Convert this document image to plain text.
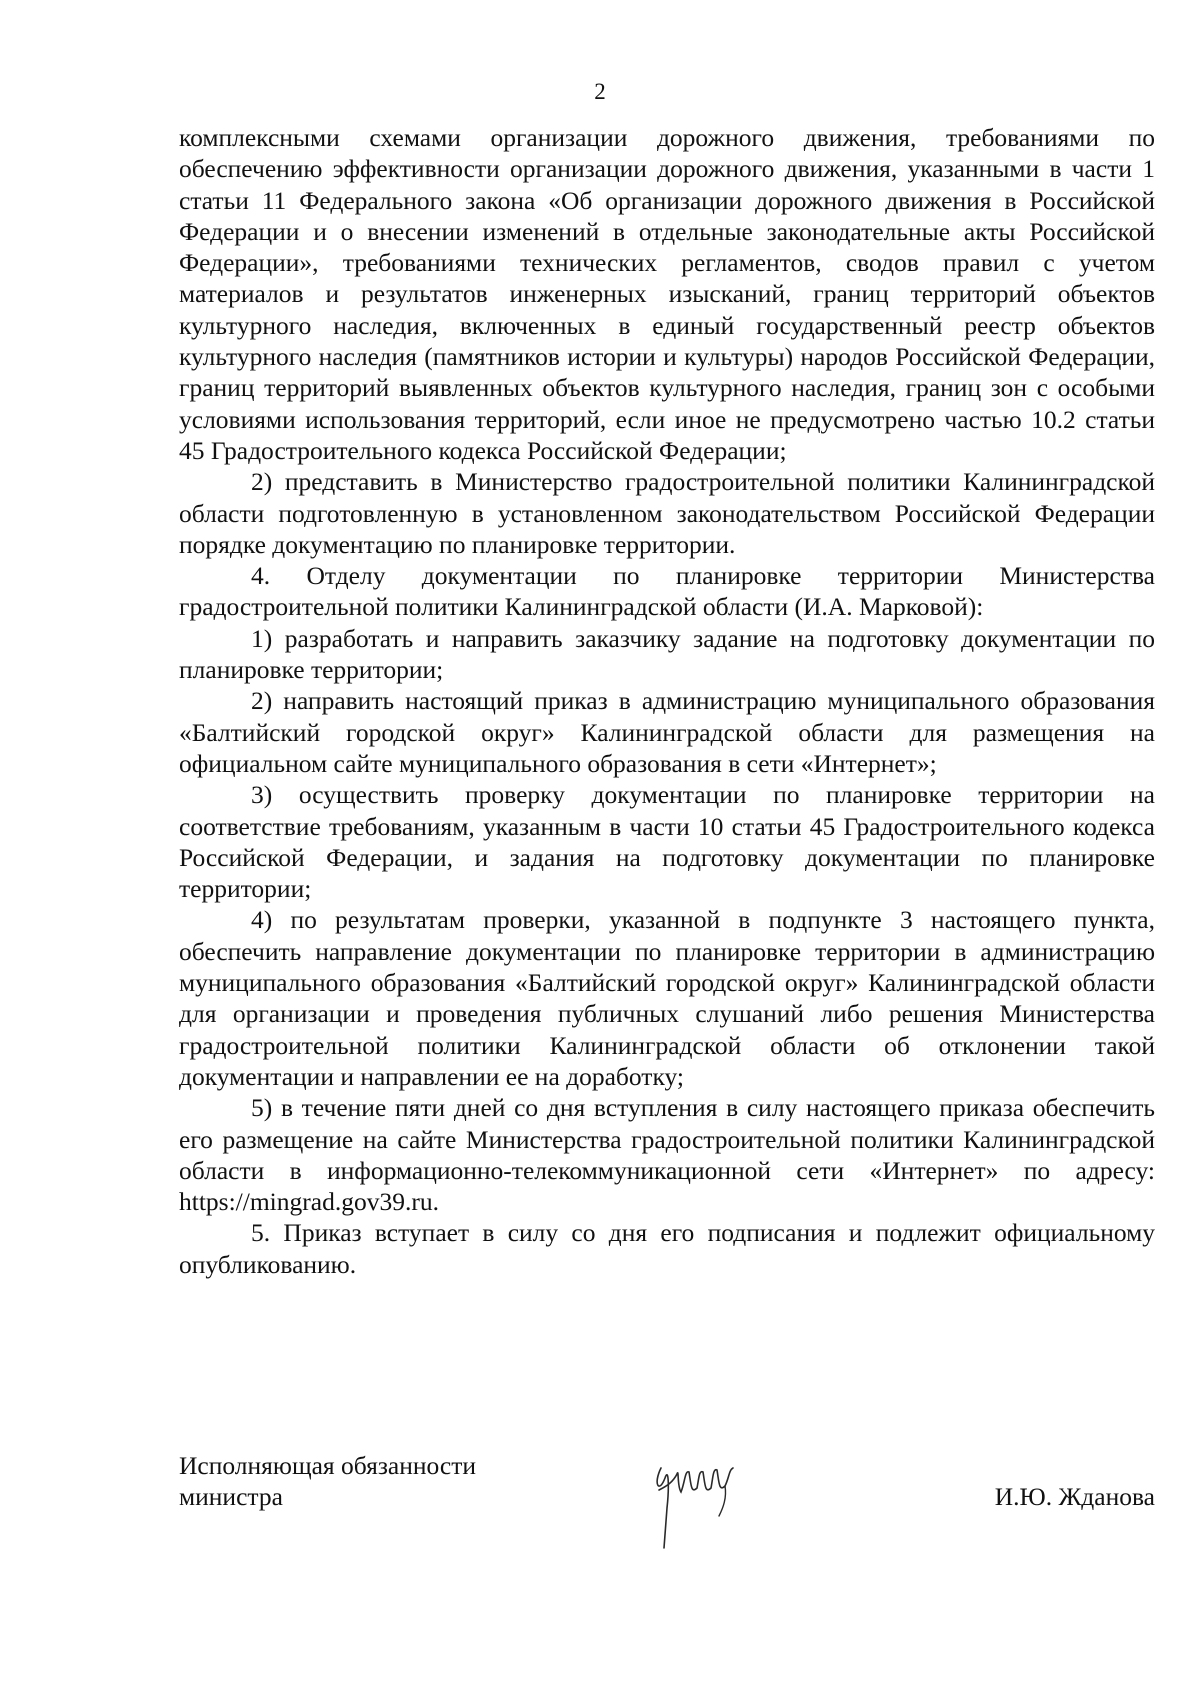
2

комплексными схемами организации дорожного движения, требованиями по обеспечению эффективности организации дорожного движения, указанными в части 1 статьи 11 Федерального закона «Об организации дорожного движения в Российской Федерации и о внесении изменений в отдельные законодательные акты Российской Федерации», требованиями технических регламентов, сводов правил с учетом материалов и результатов инженерных изысканий, границ территорий объектов культурного наследия, включенных в единый государственный реестр объектов культурного наследия (памятников истории и культуры) народов Российской Федерации, границ территорий выявленных объектов культурного наследия, границ зон с особыми условиями использования территорий, если иное не предусмотрено частью 10.2 статьи 45 Градостроительного кодекса Российской Федерации;

2) представить в Министерство градостроительной политики Калининградской области подготовленную в установленном законодательством Российской Федерации порядке документацию по планировке территории.

4. Отделу документации по планировке территории Министерства градостроительной политики Калининградской области (И.А. Марковой):

1) разработать и направить заказчику задание на подготовку документации по планировке территории;

2) направить настоящий приказ в администрацию муниципального образования «Балтийский городской округ» Калининградской области для размещения на официальном сайте муниципального образования в сети «Интернет»;

3) осуществить проверку документации по планировке территории на соответствие требованиям, указанным в части 10 статьи 45 Градостроительного кодекса Российской Федерации, и задания на подготовку документации по планировке территории;

4) по результатам проверки, указанной в подпункте 3 настоящего пункта, обеспечить направление документации по планировке территории в администрацию муниципального образования «Балтийский городской округ» Калининградской области для организации и проведения публичных слушаний либо решения Министерства градостроительной политики Калининградской области об отклонении такой документации и направлении ее на доработку;

5) в течение пяти дней со дня вступления в силу настоящего приказа обеспечить его размещение на сайте Министерства градостроительной политики Калининградской области в информационно-телекоммуникационной сети «Интернет» по адресу: https://mingrad.gov39.ru.

5. Приказ вступает в силу со дня его подписания и подлежит официальному опубликованию.

Исполняющая обязанности
министра	И.Ю. Жданова
